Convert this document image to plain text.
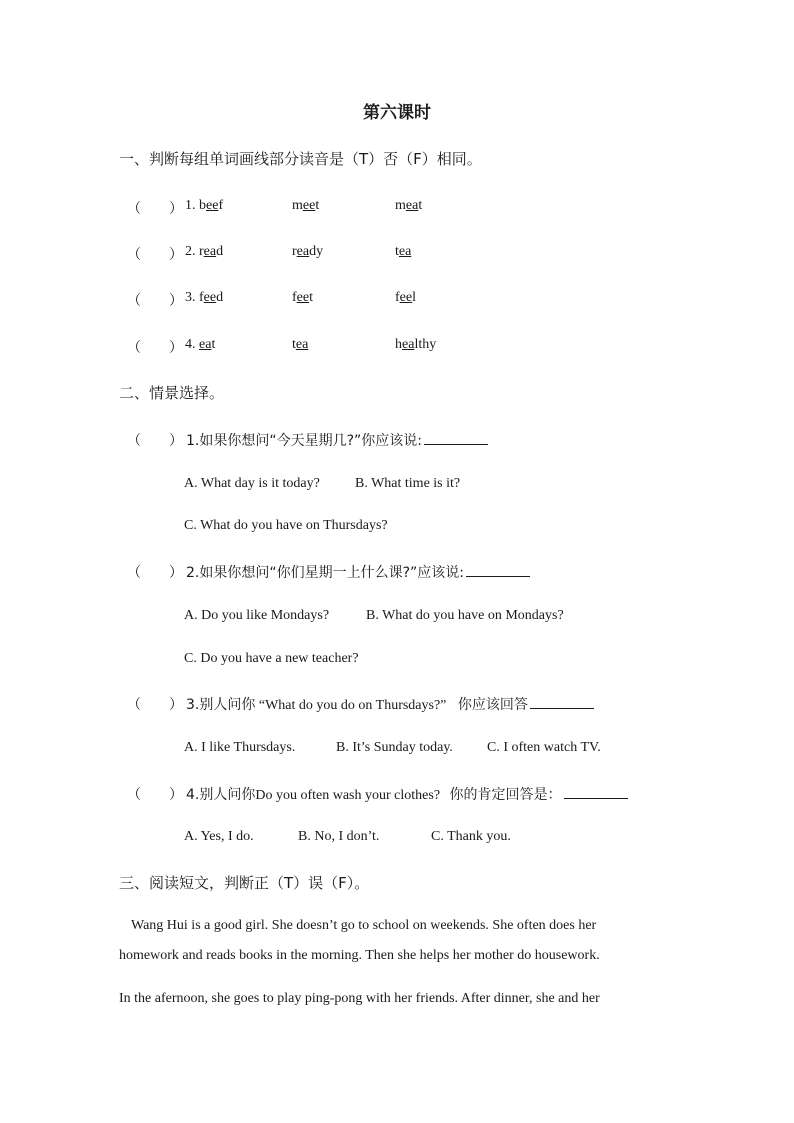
第六课时
一、判断每组单词画线部分读音是（T）否（F）相同。
（ ） 1. beef	meet	meat
（ ） 2. read	ready	tea
（ ） 3. feed	feet	feel
（ ） 4. eat	tea	healthy
二、情景选择。
（ ） 1.如果你想问“今天星期几?”你应该说:
A. What day is it today?	B. What time is it?
C. What do you have on Thursdays?
（ ） 2.如果你想问“你们星期一上什么课?”应该说:
A. Do you like Mondays?	B. What do you have on Mondays?
C. Do you have a new teacher?
（ ） 3.别人问你 “What do you do on Thursdays?” 你应该回答
A. I like Thursdays.	B. It’s Sunday today. C. I often watch TV.
（ ） 4.别人问你Do you often wash your clothes? 你的肯定回答是：
A. Yes, I do.	B. No, I don’t.	C. Thank you.
三、阅读短文，判断正（T）误（F）。
Wang Hui is a good girl. She doesn’t go to school on weekends. She often does her
homework and reads books in the morning. Then she helps her mother do housework.
In the afernoon, she goes to play ping-pong with her friends. After dinner, she and her
